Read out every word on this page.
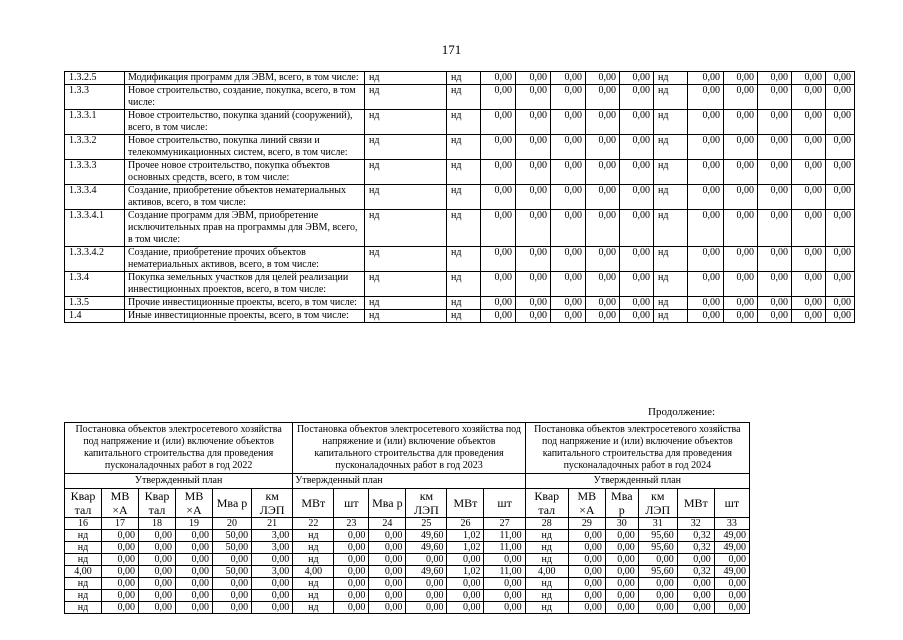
171
1.3.2.5	Модификация программ для ЭВМ, всего, в том числе:	нд	нд	0,00	0,00	0,00	0,00	0,00	нд	0,00	0,00	0,00	0,00	0,00
1.3.3	Новое строительство, создание, покупка, всего, в том числе:	нд	нд	0,00	0,00	0,00	0,00	0,00	нд	0,00	0,00	0,00	0,00	0,00
1.3.3.1	Новое строительство, покупка зданий (сооружений), всего, в том числе:	нд	нд	0,00	0,00	0,00	0,00	0,00	нд	0,00	0,00	0,00	0,00	0,00
1.3.3.2	Новое строительство, покупка линий связи и телекоммуникационных систем, всего, в том числе:	нд	нд	0,00	0,00	0,00	0,00	0,00	нд	0,00	0,00	0,00	0,00	0,00
1.3.3.3	Прочее новое строительство, покупка объектов основных средств, всего, в том числе:	нд	нд	0,00	0,00	0,00	0,00	0,00	нд	0,00	0,00	0,00	0,00	0,00
1.3.3.4	Создание, приобретение объектов нематериальных активов, всего, в том числе:	нд	нд	0,00	0,00	0,00	0,00	0,00	нд	0,00	0,00	0,00	0,00	0,00
1.3.3.4.1	Создание программ для ЭВМ, приобретение исключительных прав на программы для ЭВМ, всего, в том числе:	нд	нд	0,00	0,00	0,00	0,00	0,00	нд	0,00	0,00	0,00	0,00	0,00
1.3.3.4.2	Создание, приобретение прочих объектов нематериальных активов, всего, в том числе:	нд	нд	0,00	0,00	0,00	0,00	0,00	нд	0,00	0,00	0,00	0,00	0,00
1.3.4	Покупка земельных участков для целей реализации инвестиционных проектов, всего, в том числе:	нд	нд	0,00	0,00	0,00	0,00	0,00	нд	0,00	0,00	0,00	0,00	0,00
1.3.5	Прочие инвестиционные проекты, всего, в том числе:	нд	нд	0,00	0,00	0,00	0,00	0,00	нд	0,00	0,00	0,00	0,00	0,00
1.4	Иные инвестиционные проекты, всего, в том числе:	нд	нд	0,00	0,00	0,00	0,00	0,00	нд	0,00	0,00	0,00	0,00	0,00
Продолжение:
Постановка объектов электросетевого хозяйства под напряжение и (или) включение объектов капитального строительства для проведения пусконаладочных работ в год 2022						Постановка объектов электросетевого хозяйства под напряжение и (или) включение объектов капитального строительства для проведения пусконаладочных работ в год 2023						Постановка объектов электросетевого хозяйства под напряжение и (или) включение объектов капитального строительства для проведения пусконаладочных работ в год 2024					
Утвержденный план						Утвержденный план						Утвержденный план					
Квар тал	МВ ×А	Квар тал	МВ ×А	Мва р	км ЛЭП	МВт	шт	Мва р	км ЛЭП	МВт	шт	Квар тал	МВ ×А	Мва р	км ЛЭП	МВт	шт
16	17	18	19	20	21	22	23	24	25	26	27	28	29	30	31	32	33
нд	0,00	0,00	0,00	50,00	3,00	нд	0,00	0,00	49,60	1,02	11,00	нд	0,00	0,00	95,60	0,32	49,00
нд	0,00	0,00	0,00	50,00	3,00	нд	0,00	0,00	49,60	1,02	11,00	нд	0,00	0,00	95,60	0,32	49,00
нд	0,00	0,00	0,00	0,00	0,00	нд	0,00	0,00	0,00	0,00	0,00	нд	0,00	0,00	0,00	0,00	0,00
4,00	0,00	0,00	0,00	50,00	3,00	4,00	0,00	0,00	49,60	1,02	11,00	4,00	0,00	0,00	95,60	0,32	49,00
нд	0,00	0,00	0,00	0,00	0,00	нд	0,00	0,00	0,00	0,00	0,00	нд	0,00	0,00	0,00	0,00	0,00
нд	0,00	0,00	0,00	0,00	0,00	нд	0,00	0,00	0,00	0,00	0,00	нд	0,00	0,00	0,00	0,00	0,00
нд	0,00	0,00	0,00	0,00	0,00	нд	0,00	0,00	0,00	0,00	0,00	нд	0,00	0,00	0,00	0,00	0,00
